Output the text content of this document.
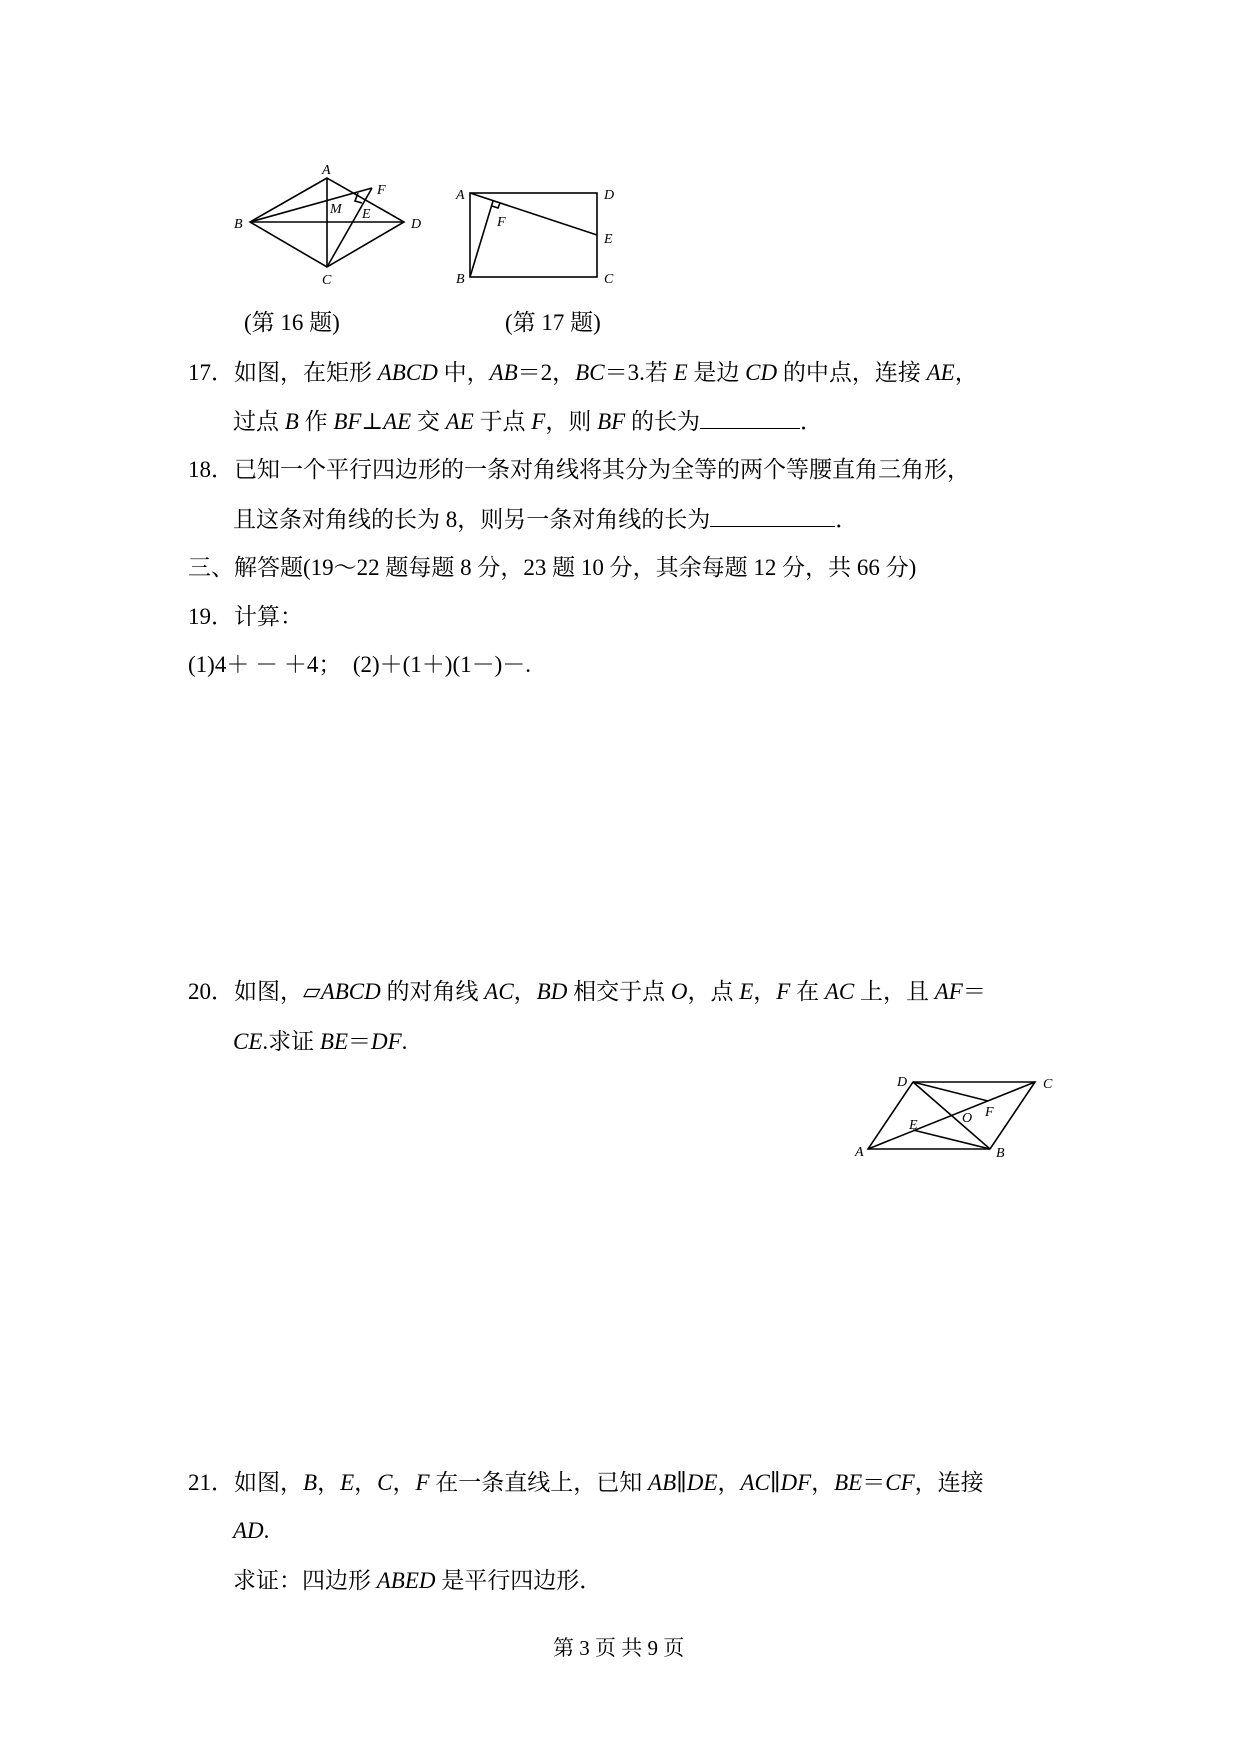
A
B
C
D
M E
F	A	D
E
B	C
F
(第 16 题)	(第 17 题)
17．如图，在矩形 ABCD 中，AB＝2，BC＝3.若 E 是边 CD 的中点，连接 AE，
过点 B 作 BF⊥AE 交 AE 于点 F，则 BF 的长为	．
18．已知一个平行四边形的一条对角线将其分为全等的两个等腰直角三角形，
且这条对角线的长为 8，则另一条对角线的长为	．
三、解答题(19～22 题每题 8 分，23 题 10 分，其余每题 12 分，共 66 分)
19．计算：
(1)4＋ － ＋4；  (2)＋(1＋)(1－)－.
20．如图，▱ABCD 的对角线 AC，BD 相交于点 O，点 E，F 在 AC 上，且 AF＝
CE.求证 BE＝DF.
D	C
A	B
E
F
O
21．如图，B，E，C，F 在一条直线上，已知 AB∥DE，AC∥DF，BE＝CF，连接
AD.
求证：四边形 ABED 是平行四边形．
第 3 页 共 9 页
